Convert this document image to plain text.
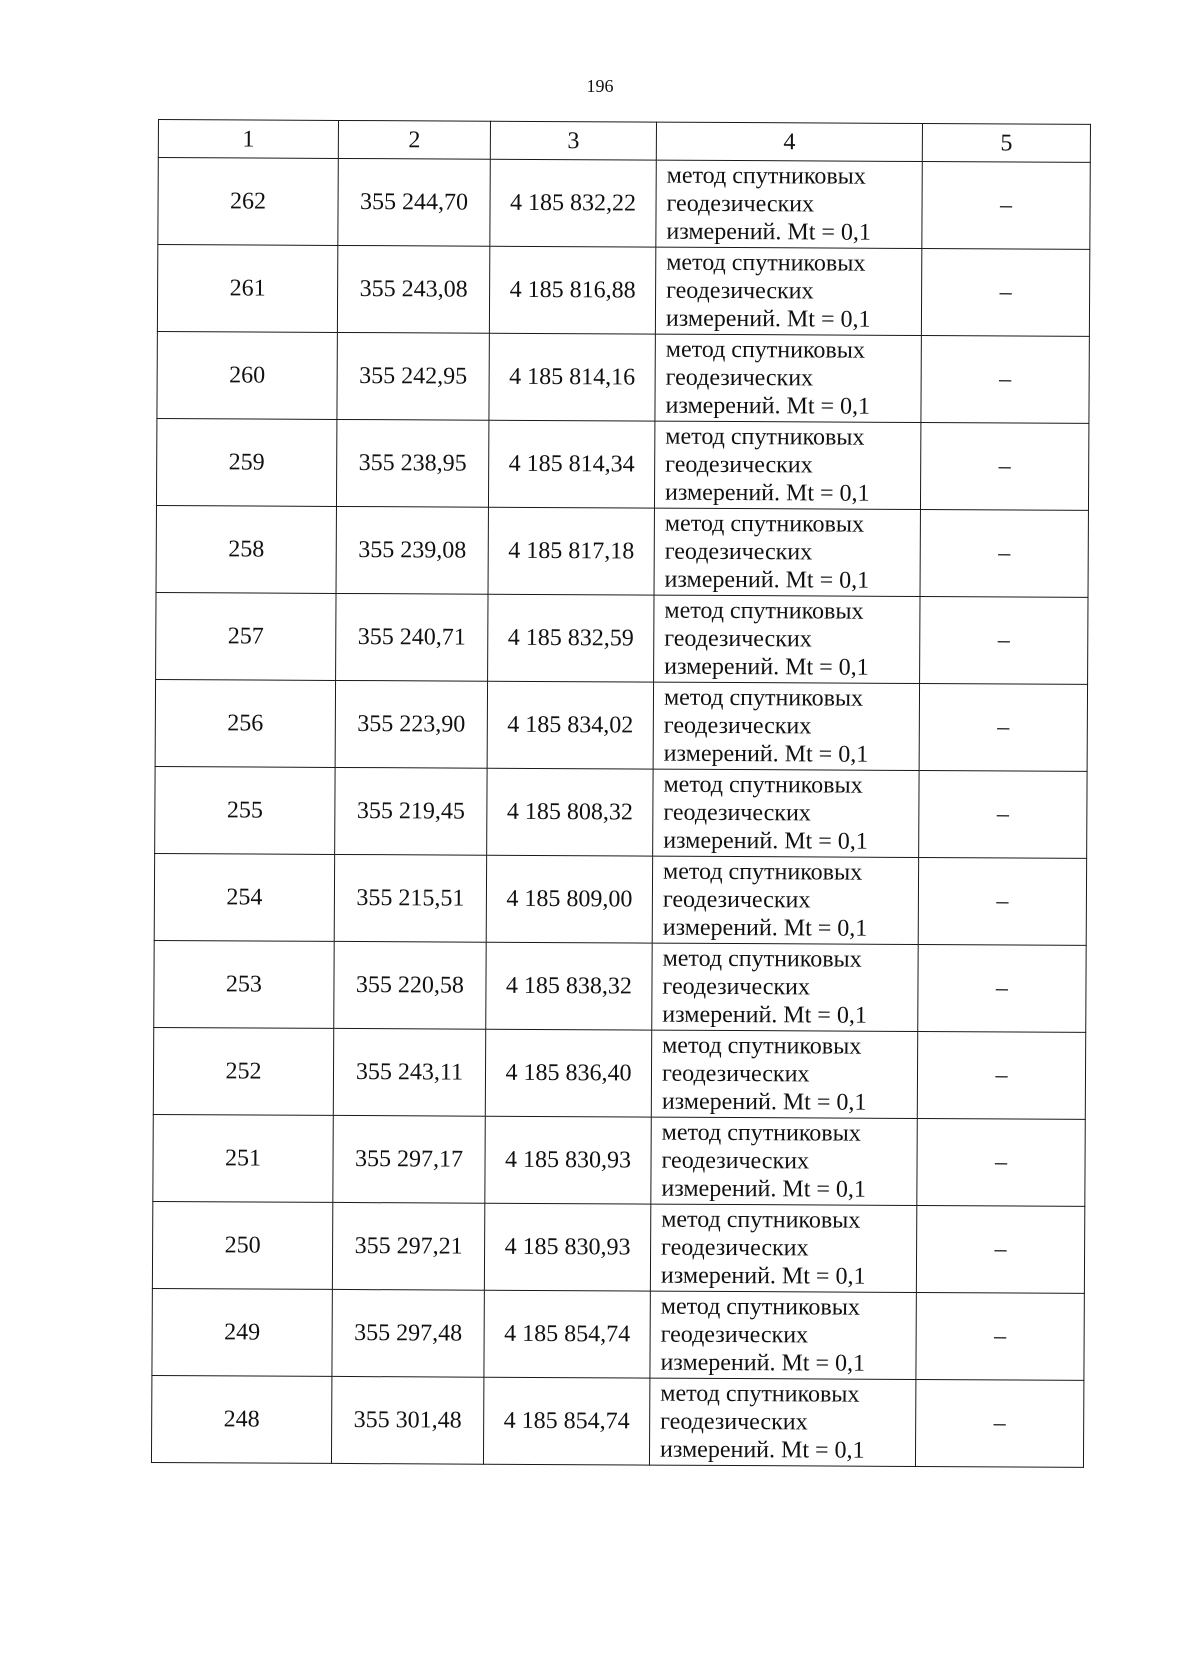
196
1	2	3	4	5
262	355 244,70	4 185 832,22	метод спутниковых
геодезических
измерений. Mt = 0,1	–
261	355 243,08	4 185 816,88	метод спутниковых
геодезических
измерений. Mt = 0,1	–
260	355 242,95	4 185 814,16	метод спутниковых
геодезических
измерений. Mt = 0,1	–
259	355 238,95	4 185 814,34	метод спутниковых
геодезических
измерений. Mt = 0,1	–
258	355 239,08	4 185 817,18	метод спутниковых
геодезических
измерений. Mt = 0,1	–
257	355 240,71	4 185 832,59	метод спутниковых
геодезических
измерений. Mt = 0,1	–
256	355 223,90	4 185 834,02	метод спутниковых
геодезических
измерений. Mt = 0,1	–
255	355 219,45	4 185 808,32	метод спутниковых
геодезических
измерений. Mt = 0,1	–
254	355 215,51	4 185 809,00	метод спутниковых
геодезических
измерений. Mt = 0,1	–
253	355 220,58	4 185 838,32	метод спутниковых
геодезических
измерений. Mt = 0,1	–
252	355 243,11	4 185 836,40	метод спутниковых
геодезических
измерений. Mt = 0,1	–
251	355 297,17	4 185 830,93	метод спутниковых
геодезических
измерений. Mt = 0,1	–
250	355 297,21	4 185 830,93	метод спутниковых
геодезических
измерений. Mt = 0,1	–
249	355 297,48	4 185 854,74	метод спутниковых
геодезических
измерений. Mt = 0,1	–
248	355 301,48	4 185 854,74	метод спутниковых
геодезических
измерений. Mt = 0,1	–
